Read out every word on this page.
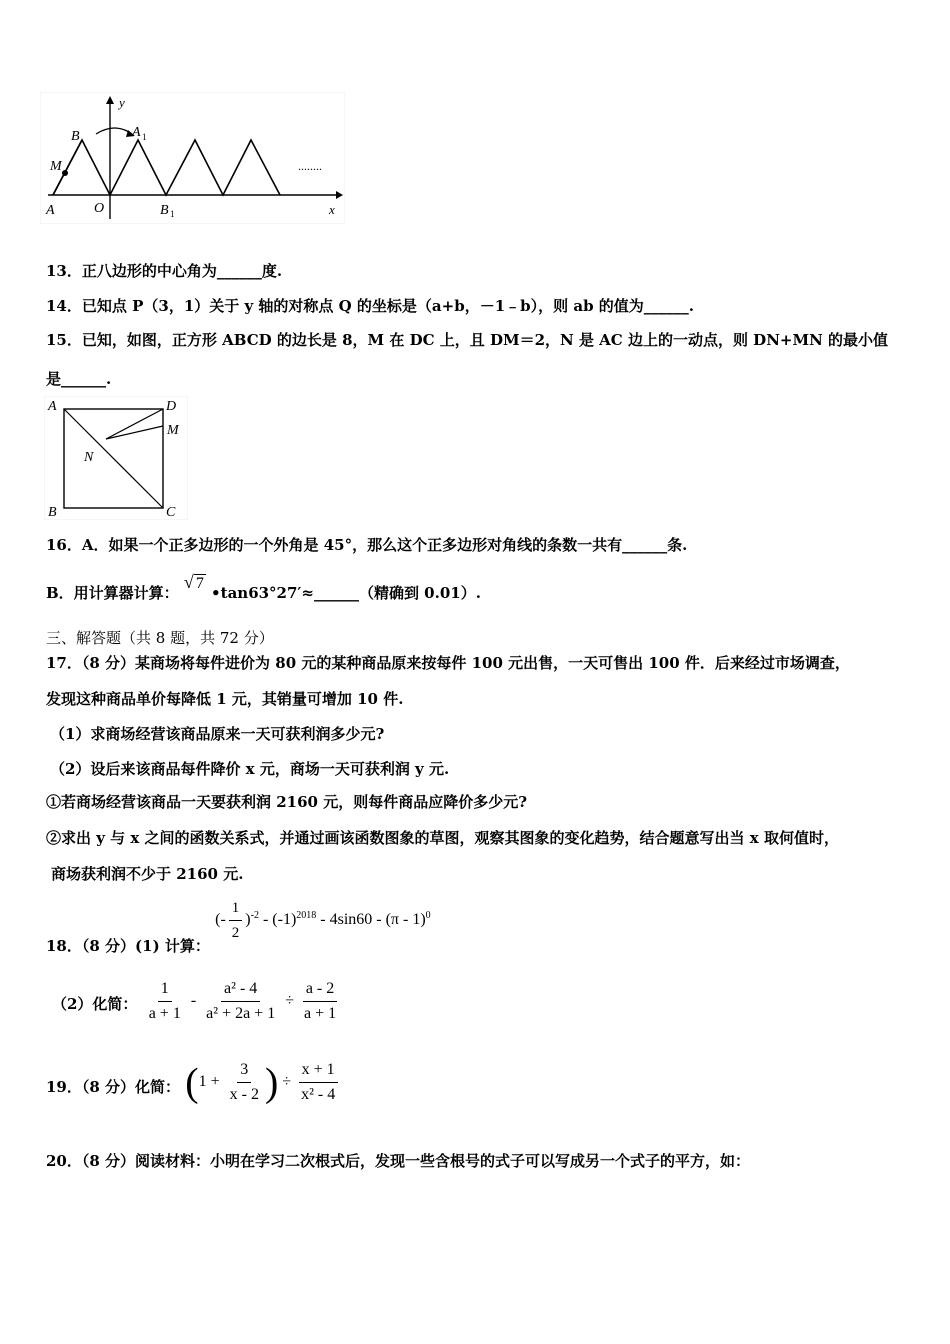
y
x
B	A 1
M
A	O	B 1
........
13．正八边形的中心角为______度.
14．已知点 P（3，1）关于 y 轴的对称点 Q 的坐标是（a+b，－1﹣b），则 ab 的值为______.
15．已知，如图，正方形 ABCD 的边长是 8，M 在 DC 上，且 DM＝2，N 是 AC 边上的一动点，则 DN+MN 的最小值
是______.
A	D
M
N
B	C
16．A．如果一个正多边形的一个外角是 45°，那么这个正多边形对角线的条数一共有______条.
B．用计算器计算： √ 7 •tan63°27′≈______（精确到 0.01）.
三、解答题（共 8 题，共 72 分）
17．（8 分）某商场将每件进价为 80 元的某种商品原来按每件 100 元出售，一天可售出 100 件．后来经过市场调查，
发现这种商品单价每降低 1 元，其销量可增加 10 件.
（1）求商场经营该商品原来一天可获利润多少元?
（2）设后来该商品每件降价 x 元，商场一天可获利润 y 元.
①若商场经营该商品一天要获利润 2160 元，则每件商品应降价多少元?
②求出 y 与 x 之间的函数关系式，并通过画该函数图象的草图，观察其图象的变化趋势，结合题意写出当 x 取何值时，
商场获利润不少于 2160 元.
18．（8 分）(1) 计算： (- $\frac{1}{2} )^{-2} - (-1)^{2018} - 4\sin 60 - (\pi - 1)^0$
（2）化简： $\frac{1}{a + 1} - \frac{\text{a² - 4}}{\text{a² + 2a + 1}} \div \frac{a - 2}{a + 1}$
19．（8 分）化简： ($1 + \frac{3}{x - 2}$ ) ÷ $\frac{x + 1}{\text{x² - 4}}$
20．（8 分）阅读材料：小明在学习二次根式后，发现一些含根号的式子可以写成另一个式子的平方，如：
